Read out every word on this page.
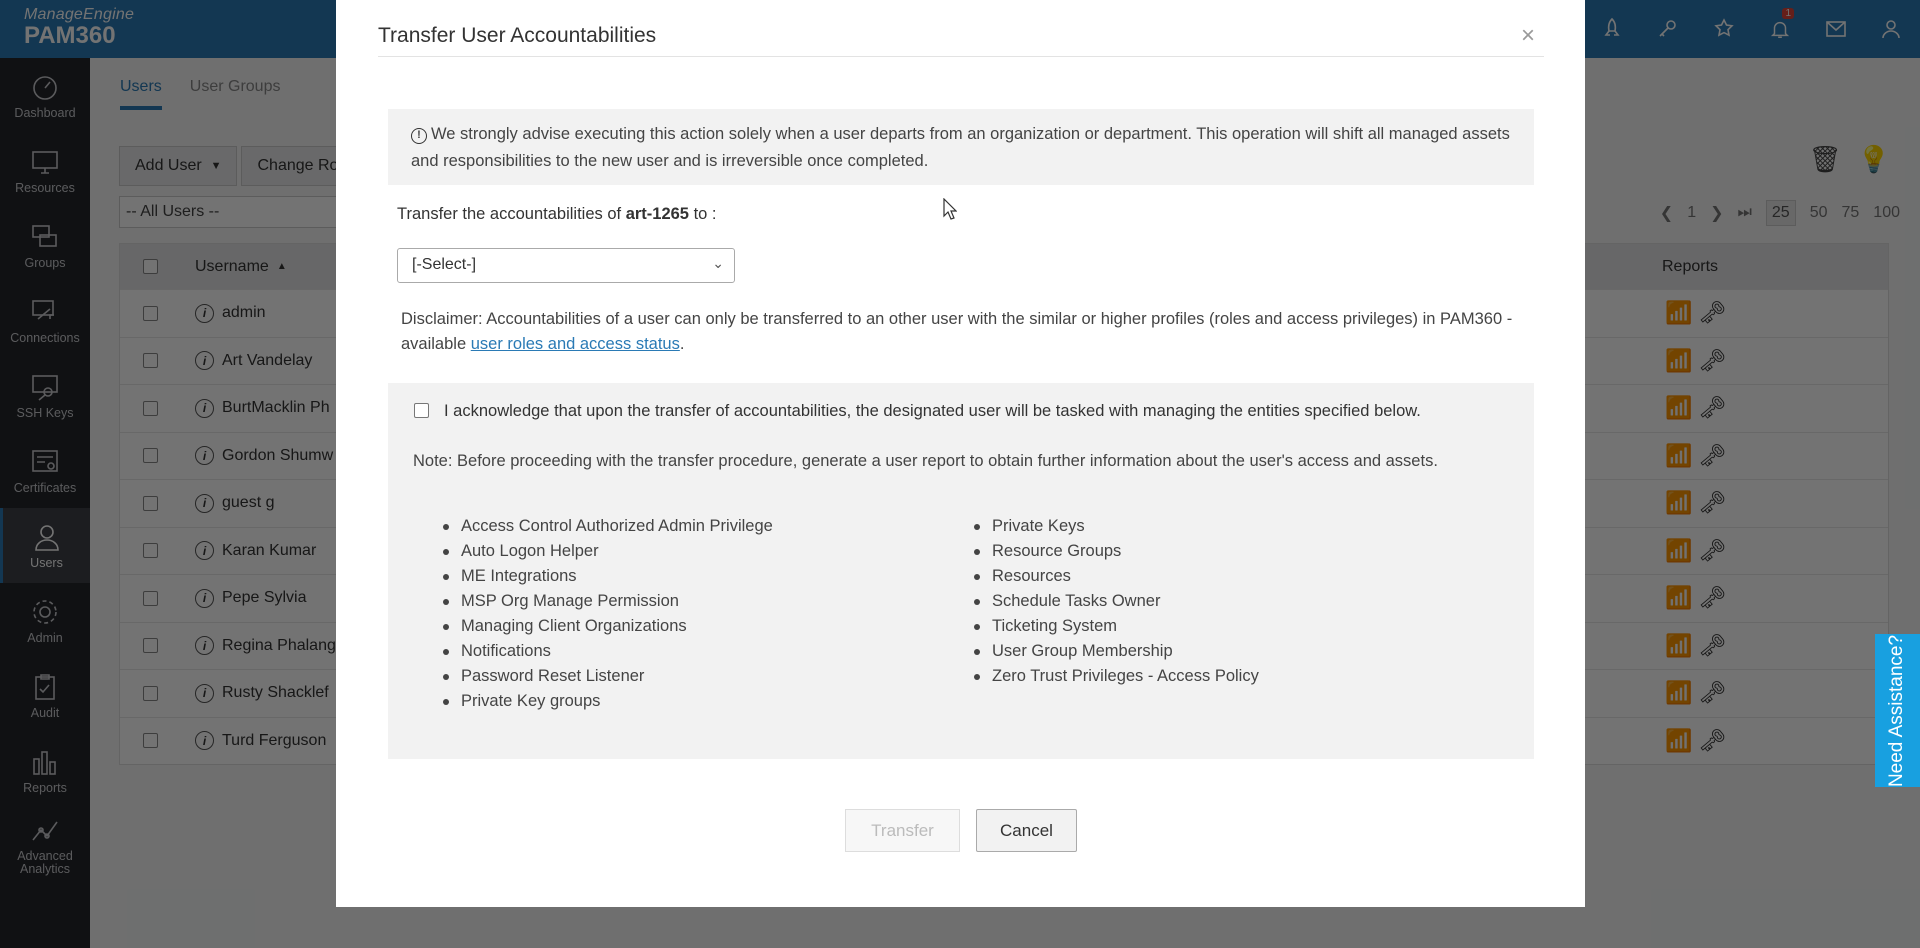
Transfer User Accountabilities	×
! We strongly advise executing this action solely when a user departs from an organization or department. This operation will shift all managed assets and responsibilities to the new user and is irreversible once completed.
Transfer the accountabilities of art-1265 to :
[-Select-]	⌄
Disclaimer: Accountabilities of a user can only be transferred to an other user with the similar or higher profiles (roles and access privileges) in PAM360 - available user roles and access status.
I acknowledge that upon the transfer of accountabilities, the designated user will be tasked with managing the entities specified below.
Note: Before proceeding with the transfer procedure, generate a user report to obtain further information about the user's access and assets.
Access Control Authorized Admin Privilege
Auto Logon Helper
ME Integrations
MSP Org Manage Permission
Managing Client Organizations
Notifications
Password Reset Listener
Private Key groups
Private Keys
Resource Groups
Resources
Schedule Tasks Owner
Ticketing System
User Group Membership
Zero Trust Privileges - Access Policy
Transfer	Cancel
Need Assistance?
